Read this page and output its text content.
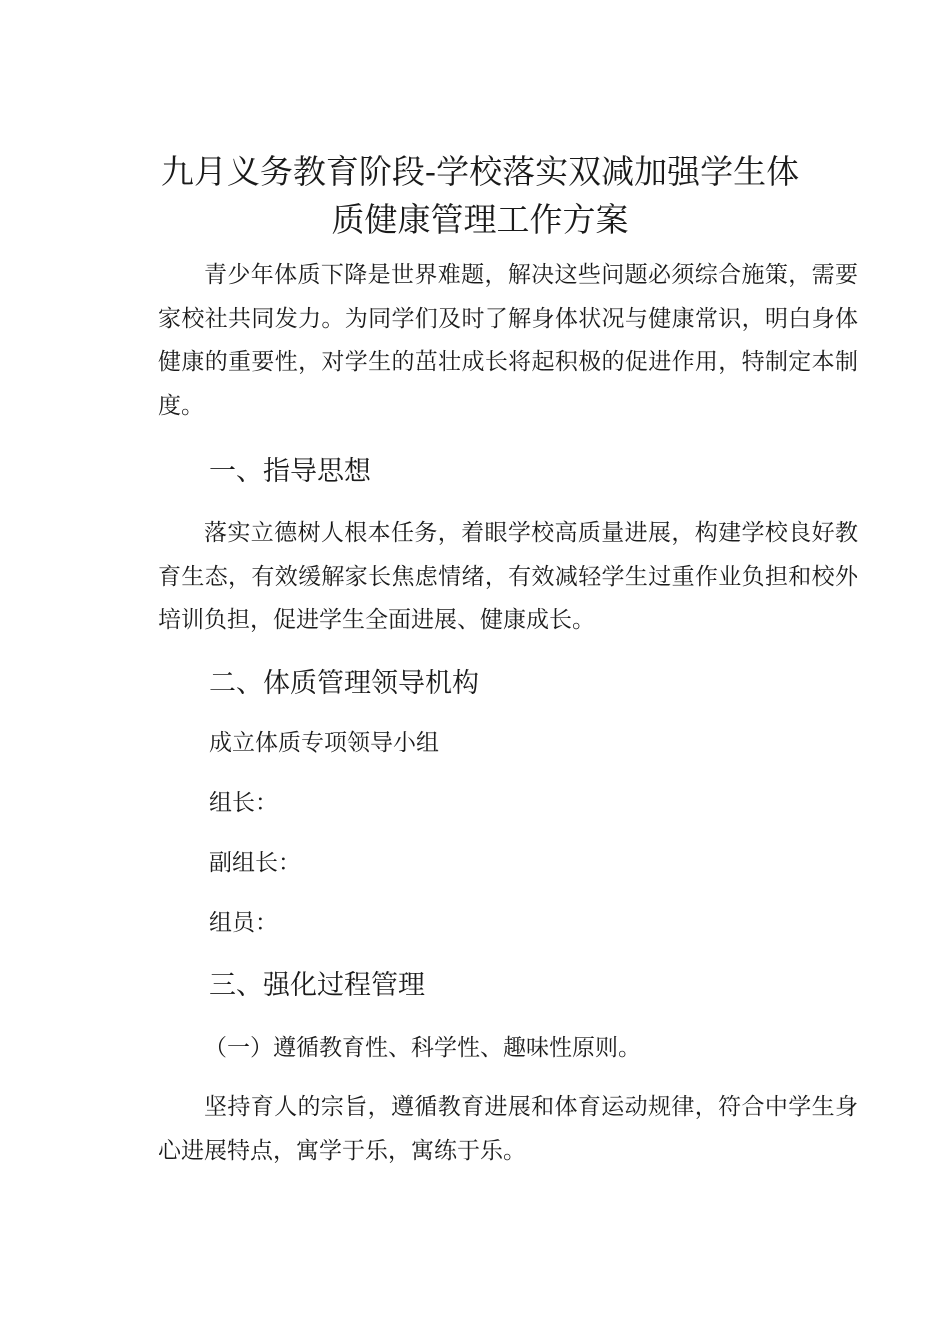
九月义务教育阶段-学校落实双减加强学生体质健康管理工作方案

青少年体质下降是世界难题，解决这些问题必须综合施策，需要家校社共同发力。为同学们及时了解身体状况与健康常识，明白身体健康的重要性，对学生的茁壮成长将起积极的促进作用，特制定本制度。

一、指导思想

落实立德树人根本任务，着眼学校高质量进展，构建学校良好教育生态，有效缓解家长焦虑情绪，有效减轻学生过重作业负担和校外培训负担，促进学生全面进展、健康成长。

二、体质管理领导机构

成立体质专项领导小组

组长：

副组长：

组员：

三、强化过程管理

（一）遵循教育性、科学性、趣味性原则。

坚持育人的宗旨，遵循教育进展和体育运动规律，符合中学生身心进展特点，寓学于乐，寓练于乐。
